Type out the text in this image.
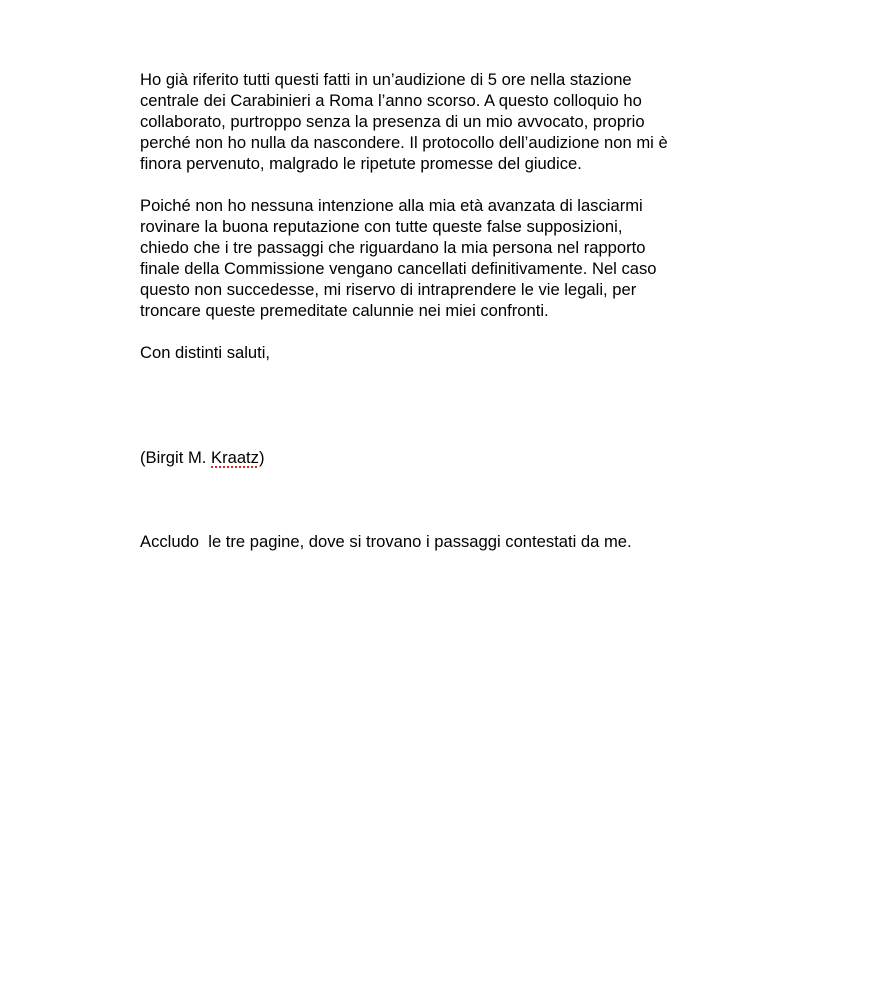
Ho già riferito tutti questi fatti in un’audizione di 5 ore nella stazione
centrale dei Carabinieri a Roma l’anno scorso. A questo colloquio ho
collaborato, purtroppo senza la presenza di un mio avvocato, proprio
perché non ho nulla da nascondere. Il protocollo dell’audizione non mi è
finora pervenuto, malgrado le ripetute promesse del giudice.
Poiché non ho nessuna intenzione alla mia età avanzata di lasciarmi
rovinare la buona reputazione con tutte queste false supposizioni,
chiedo che i tre passaggi che riguardano la mia persona nel rapporto
finale della Commissione vengano cancellati definitivamente. Nel caso
questo non succedesse, mi riservo di intraprendere le vie legali, per
troncare queste premeditate calunnie nei miei confronti.
Con distinti saluti,
(Birgit M. Kraatz)
Accludo  le tre pagine, dove si trovano i passaggi contestati da me.
